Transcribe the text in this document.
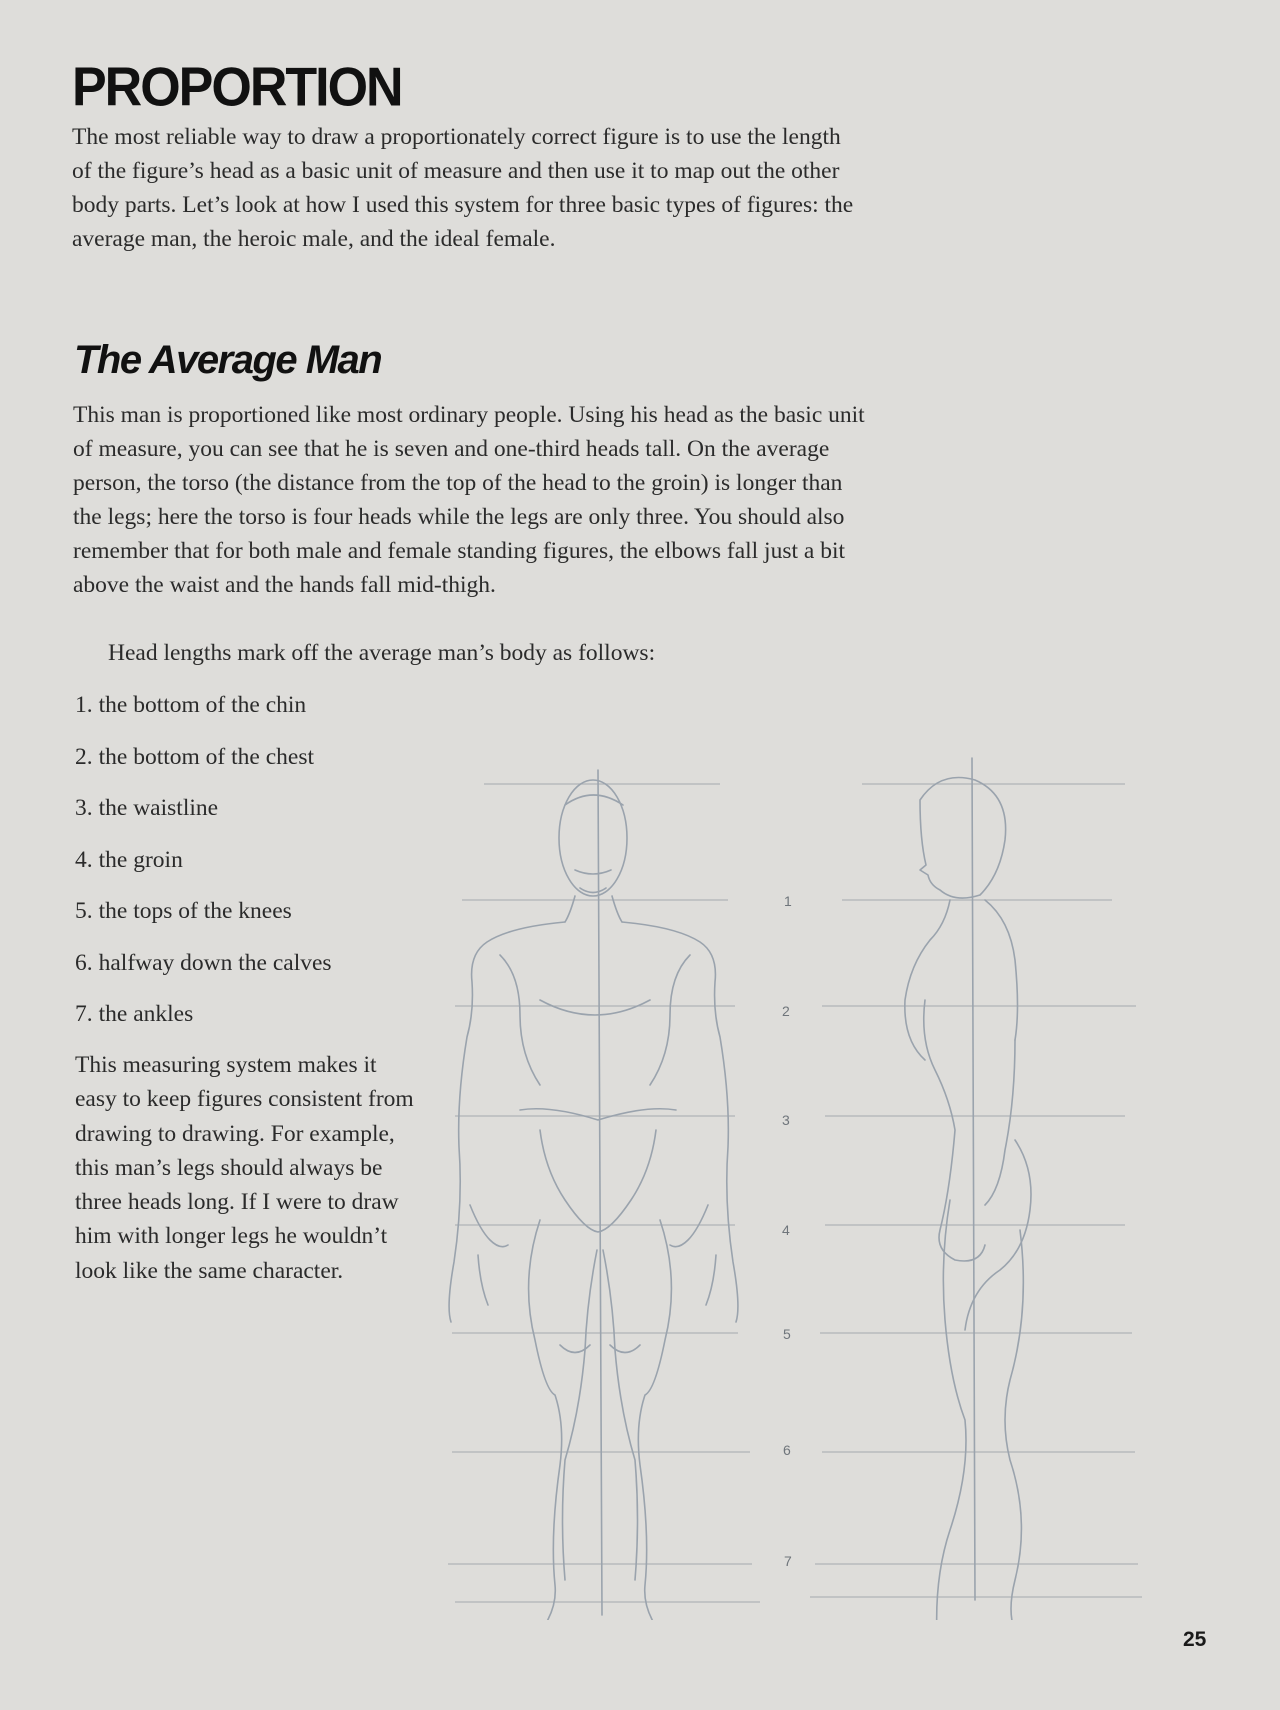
PROPORTION

The most reliable way to draw a proportionately correct figure is to use the length of the figure’s head as a basic unit of measure and then use it to map out the other body parts. Let’s look at how I used this system for three basic types of figures: the average man, the heroic male, and the ideal female.

The Average Man

This man is proportioned like most ordinary people. Using his head as the basic unit of measure, you can see that he is seven and one-third heads tall. On the average person, the torso (the distance from the top of the head to the groin) is longer than the legs; here the torso is four heads while the legs are only three. You should also remember that for both male and female standing figures, the elbows fall just a bit above the waist and the hands fall mid-thigh.

Head lengths mark off the average man’s body as follows:

1. the bottom of the chin
2. the bottom of the chest
3. the waistline
4. the groin
5. the tops of the knees
6. halfway down the calves
7. the ankles

This measuring system makes it easy to keep figures consistent from drawing to drawing. For example, this man’s legs should always be three heads long. If I were to draw him with longer legs he wouldn’t look like the same character.

1
2
3
4
5
6
7

25
